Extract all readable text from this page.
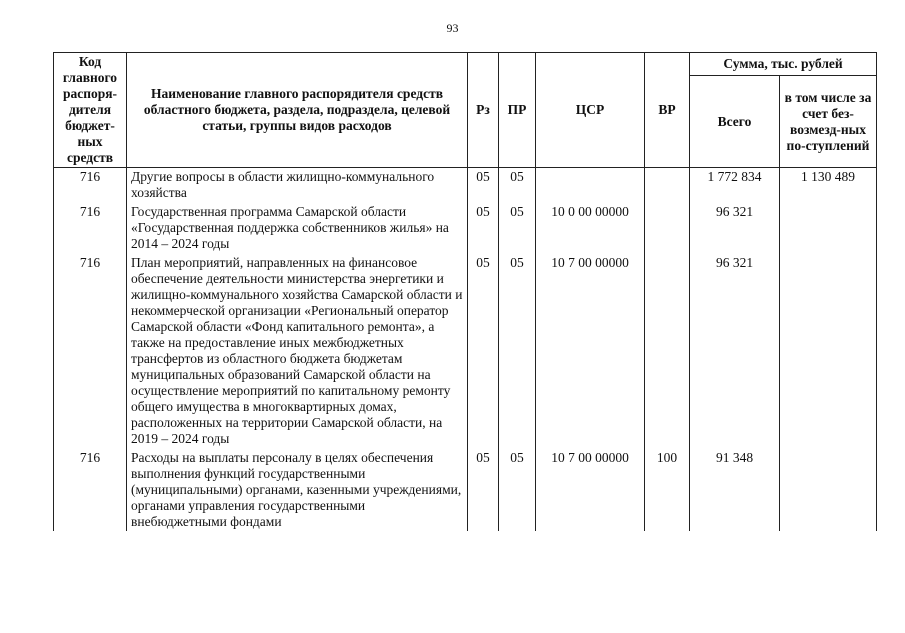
93
Код главного распоря-дителя бюджет-ных средств	Наименование главного распорядителя средств областного бюджета, раздела, подраздела, целевой статьи, группы видов расходов	Рз	ПР	ЦСР	ВР	Сумма, тыс. рублей	
						Всего	в том числе за счет без-возмезд-ных по-ступлений
716	Другие вопросы в области жилищно-коммунального хозяйства	05	05			1 772 834	1 130 489
716	Государственная программа Самарской области «Государственная поддержка собственников жилья» на 2014 – 2024 годы	05	05	10 0 00 00000		96 321	
716	План мероприятий, направленных на финансовое обеспечение деятельности министерства энергетики и жилищно-коммунального хозяйства Самарской области и некоммерческой организации «Региональный оператор Самарской области «Фонд капитального ремонта», а также на предоставление иных межбюджетных трансфертов из областного бюджета бюджетам муниципальных образований Самарской области на осуществление мероприятий по капитальному ремонту общего имущества в многоквартирных домах, расположенных на территории Самарской области, на 2019 – 2024 годы	05	05	10 7 00 00000		96 321	
716	Расходы на выплаты персоналу в целях обеспечения выполнения функций государственными (муниципальными) органами, казенными учреждениями, органами управления государственными внебюджетными фондами	05	05	10 7 00 00000	100	91 348	
